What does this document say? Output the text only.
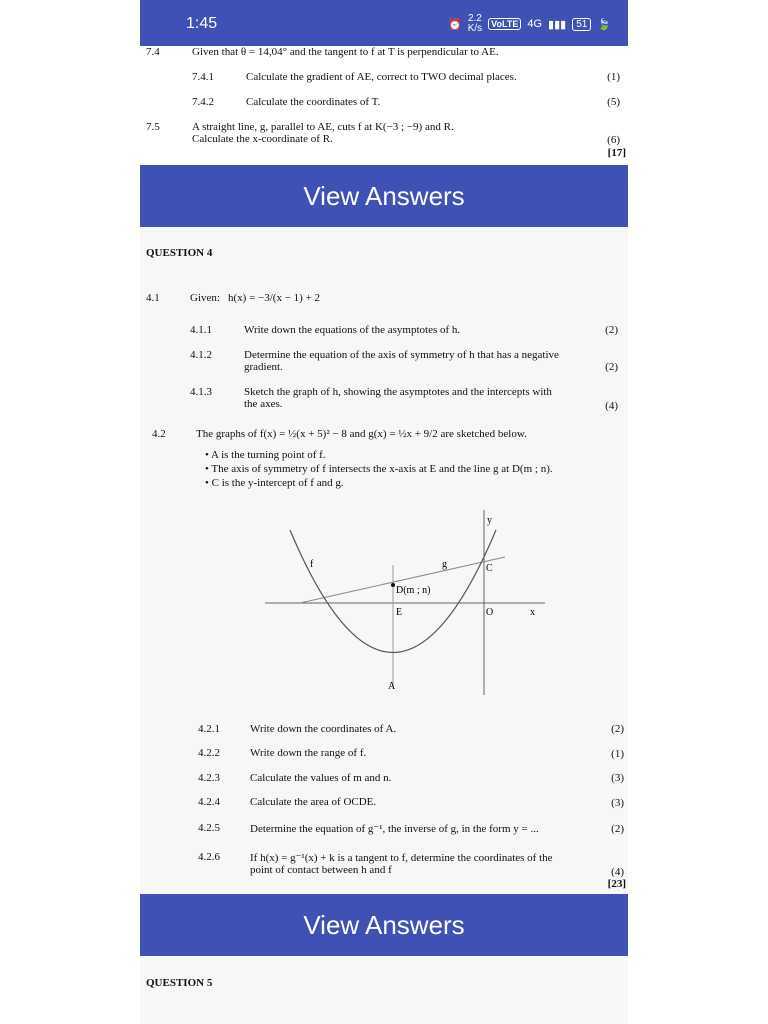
1:45	⏰ 2.2
K/s	VoLTE 4G ▮▮▮	51 🍃
7.4	Given that θ = 14,04° and the tangent to f at T is perpendicular to AE.
7.4.1	Calculate the gradient of AE, correct to TWO decimal places.	(1)
7.4.2	Calculate the coordinates of T.	(5)
7.5	A straight line, g, parallel to AE, cuts f at K(−3 ; −9) and R.
Calculate the x-coordinate of R.	(6)
[17]
View Answers
QUESTION 4
4.1	Given: h(x) = −3/(x − 1) + 2
4.1.1	Write down the equations of the asymptotes of h.	(2)
4.1.2	Determine the equation of the axis of symmetry of h that has a negative
gradient.	(2)
4.1.3	Sketch the graph of h, showing the asymptotes and the intercepts with
the axes.	(4)
4.2	The graphs of f(x) = ½(x + 5)² − 8 and g(x) = ½x + 9/2 are sketched below.
• A is the turning point of f.
• The axis of symmetry of f intersects the x-axis at E and the line g at D(m ; n).
• C is the y-intercept of f and g.
f	g
y
x
C
D(m ; n)
E	O
A
4.2.1	Write down the coordinates of A.	(2)
4.2.2	Write down the range of f.	(1)
4.2.3	Calculate the values of m and n.	(3)
4.2.4	Calculate the area of OCDE.	(3)
4.2.5	Determine the equation of g⁻¹, the inverse of g, in the form y = ...	(2)
4.2.6	If h(x) = g⁻¹(x) + k is a tangent to f, determine the coordinates of the
point of contact between h and f	(4)
[23]
View Answers
QUESTION 5
